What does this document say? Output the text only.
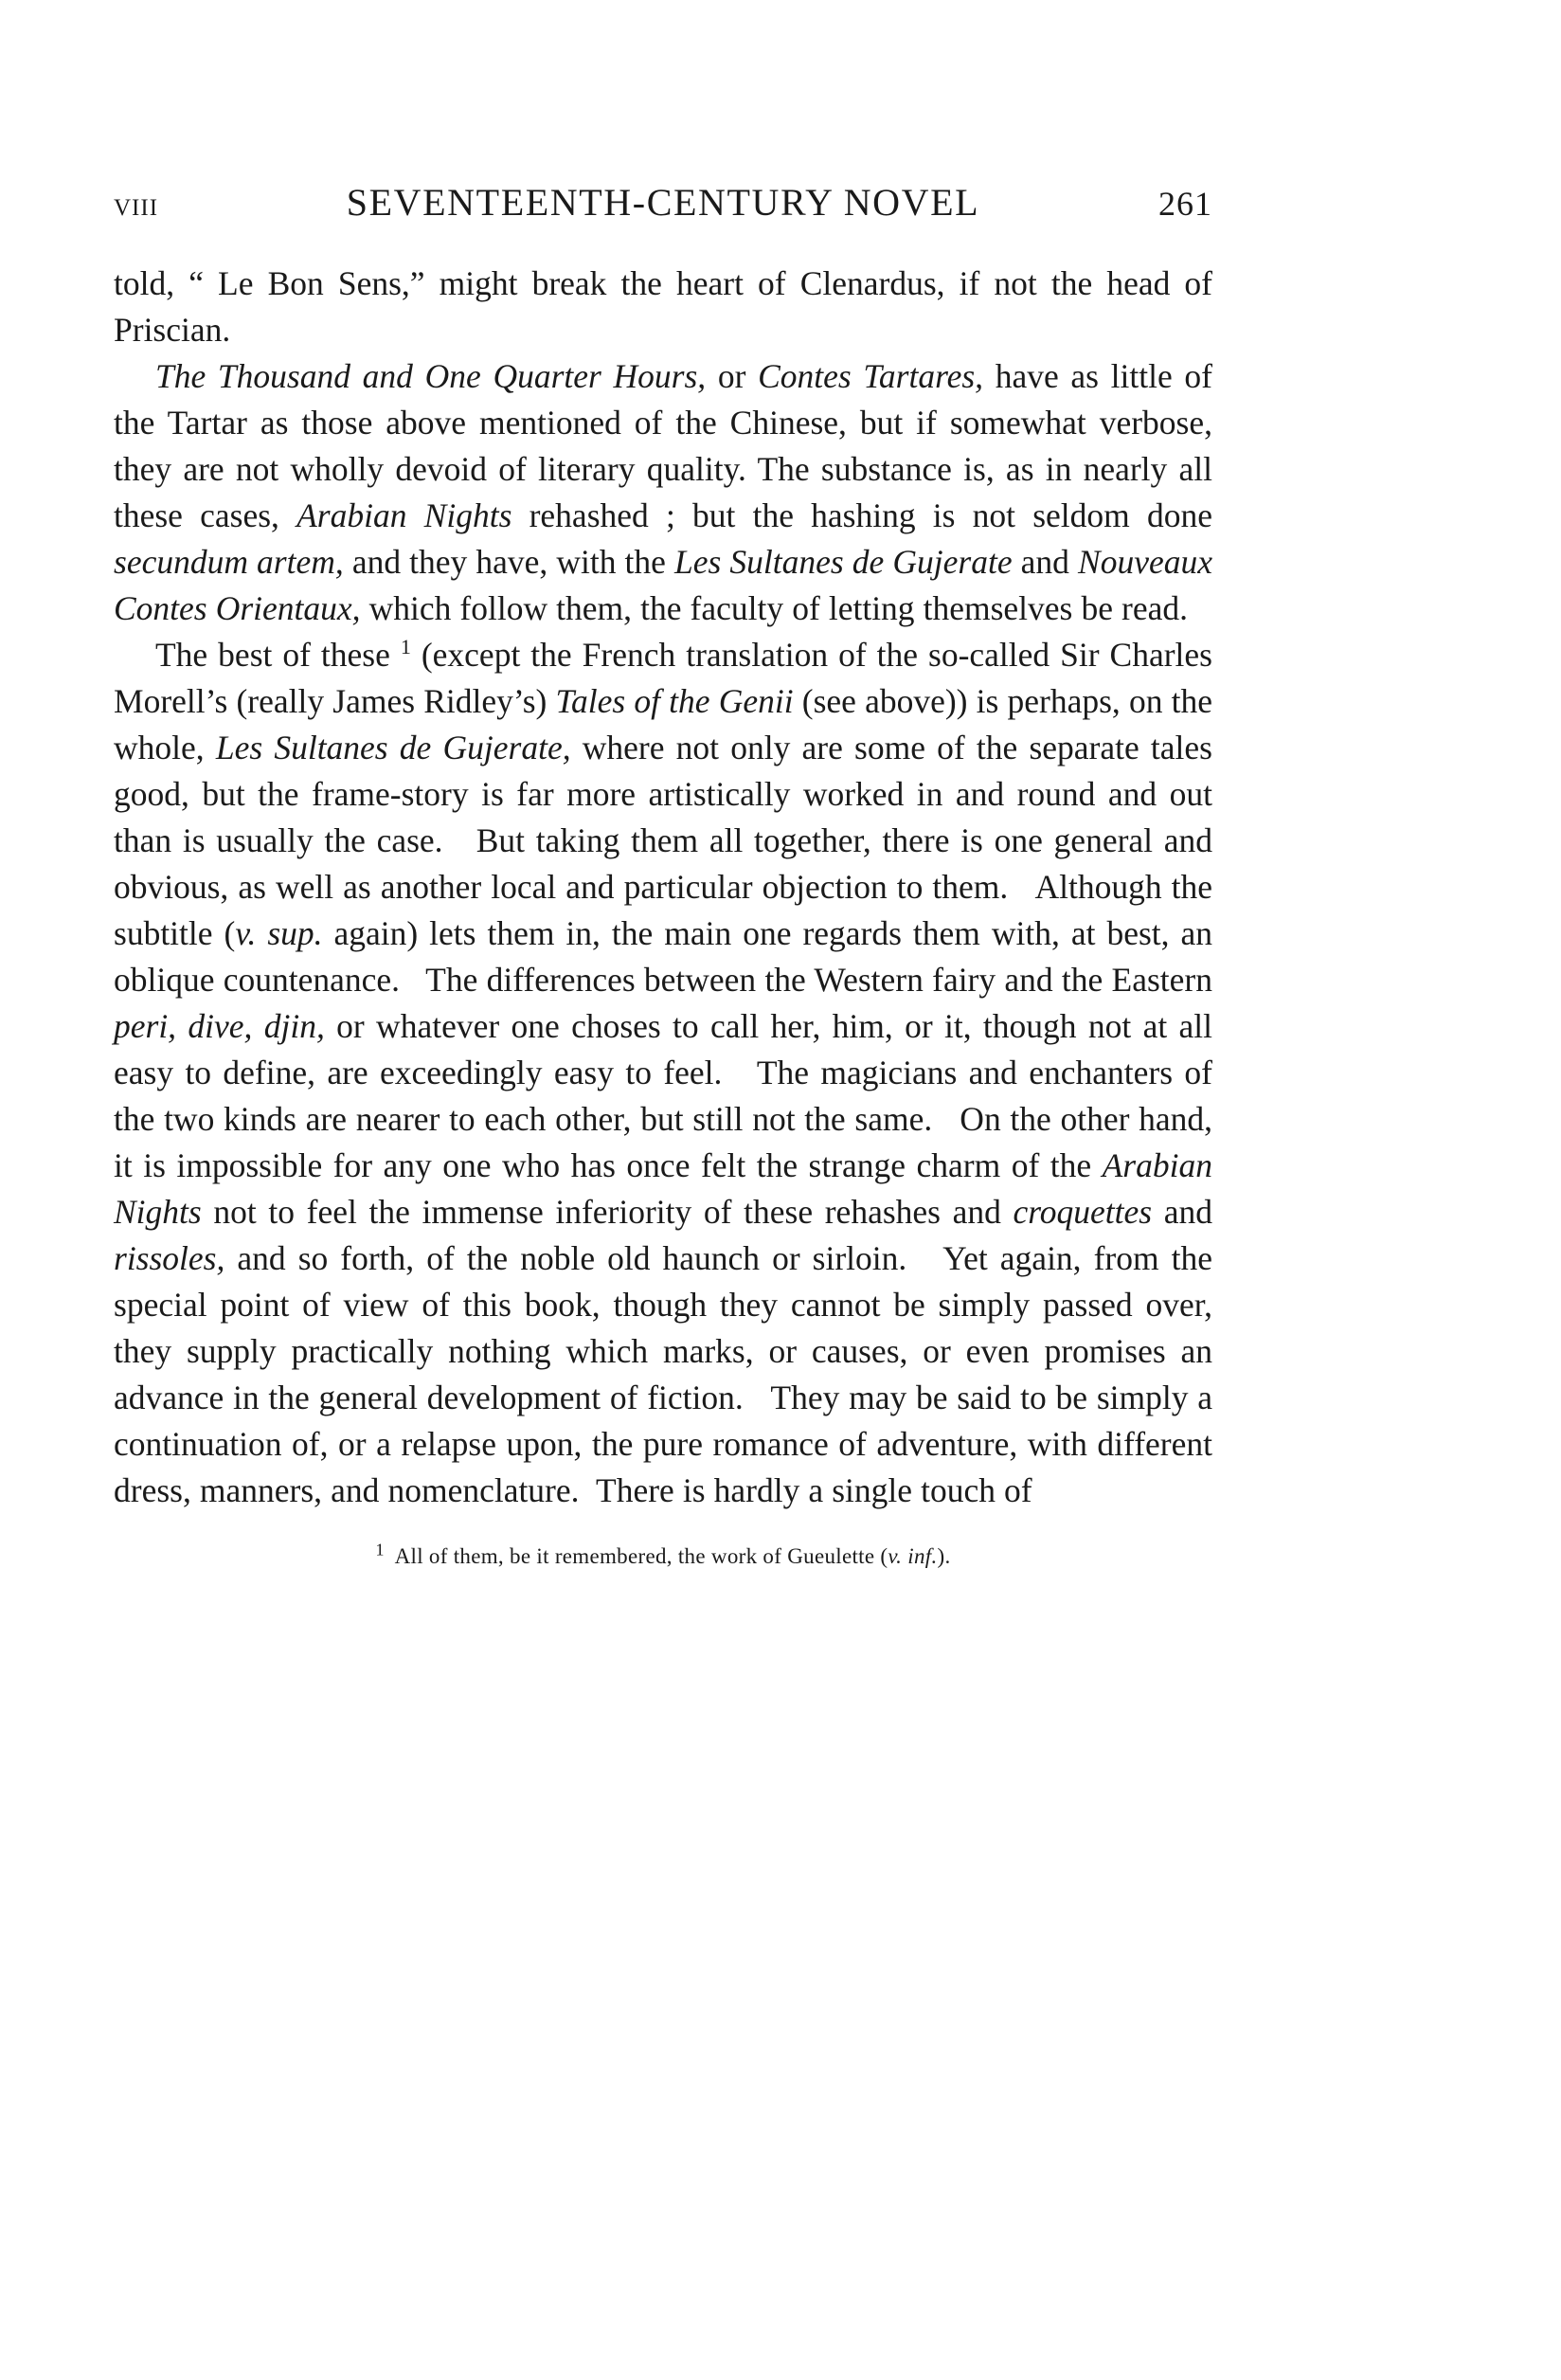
VIII	SEVENTEENTH-CENTURY NOVEL	261

told, “ Le Bon Sens,” might break the heart of Clenardus, if not the head of Priscian.

The Thousand and One Quarter Hours, or Contes Tartares, have as little of the Tartar as those above mentioned of the Chinese, but if somewhat verbose, they are not wholly devoid of literary quality. The substance is, as in nearly all these cases, Arabian Nights rehashed ; but the hashing is not seldom done secundum artem, and they have, with the Les Sultanes de Gujerate and Nouveaux Contes Orientaux, which follow them, the faculty of letting themselves be read.

The best of these $^1$ (except the French translation of the so-called Sir Charles Morell’s (really James Ridley’s) Tales of the Genii (see above)) is perhaps, on the whole, Les Sultanes de Gujerate, where not only are some of the separate tales good, but the frame-story is far more artistically worked in and round and out than is usually the case.   But taking them all together, there is one general and obvious, as well as another local and particular objection to them.   Although the subtitle (v. sup. again) lets them in, the main one regards them with, at best, an oblique countenance.   The differences between the Western fairy and the Eastern peri, dive, djin, or whatever one choses to call her, him, or it, though not at all easy to define, are exceedingly easy to feel.   The magicians and enchanters of the two kinds are nearer to each other, but still not the same.   On the other hand, it is impossible for any one who has once felt the strange charm of the Arabian Nights not to feel the immense inferiority of these rehashes and croquettes and rissoles, and so forth, of the noble old haunch or sirloin.   Yet again, from the special point of view of this book, though they cannot be simply passed over, they supply practically nothing which marks, or causes, or even promises an advance in the general development of fiction.   They may be said to be simply a continuation of, or a relapse upon, the pure romance of adventure, with different dress, manners, and nomenclature.  There is hardly a single touch of

$^1$  All of them, be it remembered, the work of Gueulette (v. inf.).
